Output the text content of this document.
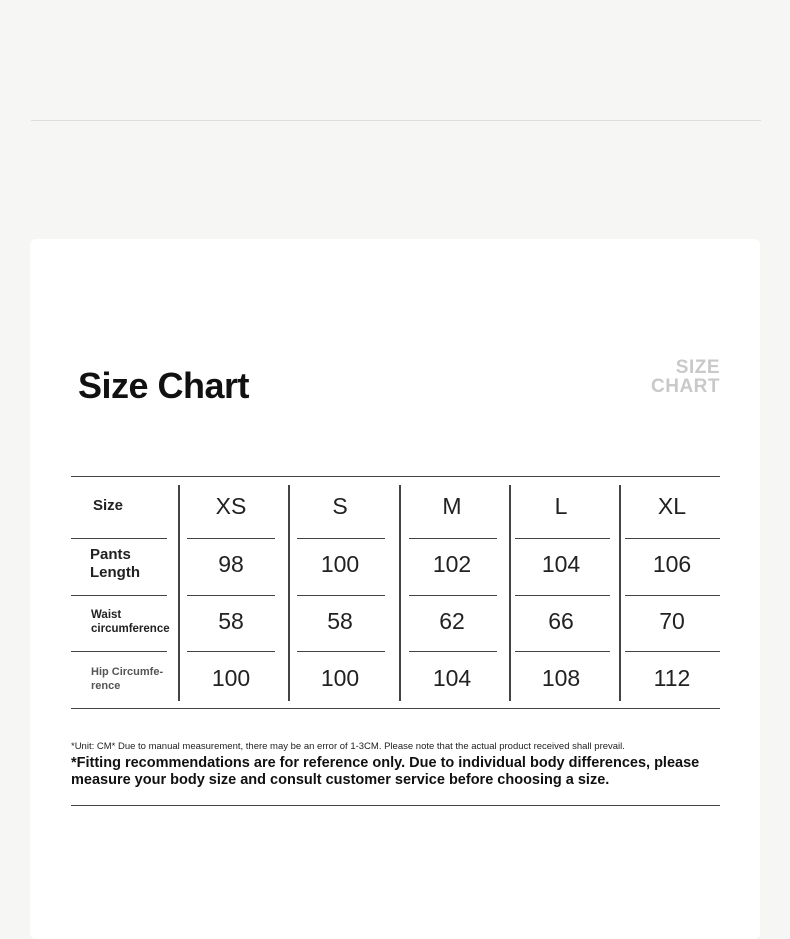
Size Chart	SIZE
CHART
Size	XS	S	M	L	XL
Pants
Length	98	100	102	104	106
Waist
circumference	58	58	62	66	70
Hip Circumfe-
rence	100	100	104	108	112
*Unit: CM* Due to manual measurement, there may be an error of 1-3CM. Please note that the actual product received shall prevail.
*Fitting recommendations are for reference only. Due to individual body differences, please measure your body size and consult customer service before choosing a size.
